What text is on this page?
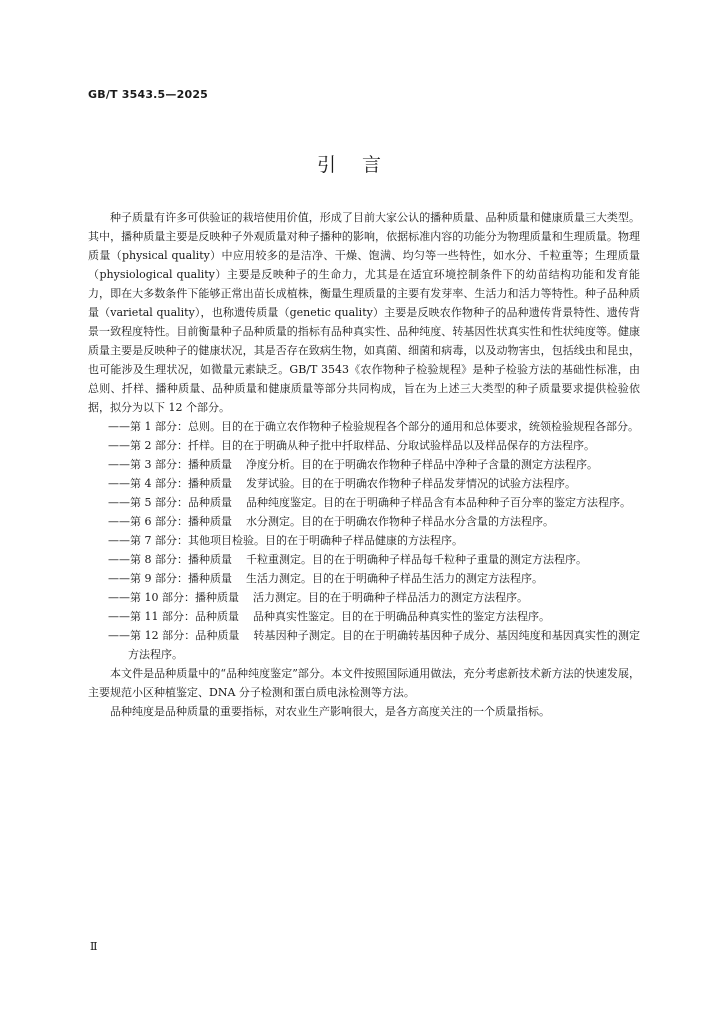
GB/T 3543.5—2025
引言

种子质量有许多可供验证的栽培使用价值，形成了目前大家公认的播种质量、品种质量和健康质量三大类型。其中，播种质量主要是反映种子外观质量对种子播种的影响，依据标准内容的功能分为物理质量和生理质量。物理质量（physical quality）中应用较多的是洁净、干燥、饱满、均匀等一些特性，如水分、千粒重等；生理质量（physiological quality）主要是反映种子的生命力，尤其是在适宜环境控制条件下的幼苗结构功能和发育能力，即在大多数条件下能够正常出苗长成植株，衡量生理质量的主要有发芽率、生活力和活力等特性。种子品种质量（varietal quality），也称遗传质量（genetic quality）主要是反映农作物种子的品种遗传背景特性、遗传背景一致程度特性。目前衡量种子品种质量的指标有品种真实性、品种纯度、转基因性状真实性和性状纯度等。健康质量主要是反映种子的健康状况，其是否存在致病生物，如真菌、细菌和病毒，以及动物害虫，包括线虫和昆虫，也可能涉及生理状况，如微量元素缺乏。GB/T 3543《农作物种子检验规程》是种子检验方法的基础性标准，由总则、扦样、播种质量、品种质量和健康质量等部分共同构成，旨在为上述三大类型的种子质量要求提供检验依据，拟分为以下 12 个部分。

——第 1 部分：总则。目的在于确立农作物种子检验规程各个部分的通用和总体要求，统领检验规程各部分。

——第 2 部分：扦样。目的在于明确从种子批中扦取样品、分取试验样品以及样品保存的方法程序。

——第 3 部分：播种质量 净度分析。目的在于明确农作物种子样品中净种子含量的测定方法程序。

——第 4 部分：播种质量 发芽试验。目的在于明确农作物种子样品发芽情况的试验方法程序。

——第 5 部分：品种质量 品种纯度鉴定。目的在于明确种子样品含有本品种种子百分率的鉴定方法程序。

——第 6 部分：播种质量 水分测定。目的在于明确农作物种子样品水分含量的方法程序。

——第 7 部分：其他项目检验。目的在于明确种子样品健康的方法程序。

——第 8 部分：播种质量 千粒重测定。目的在于明确种子样品每千粒种子重量的测定方法程序。

——第 9 部分：播种质量 生活力测定。目的在于明确种子样品生活力的测定方法程序。

——第 10 部分：播种质量 活力测定。目的在于明确种子样品活力的测定方法程序。

——第 11 部分：品种质量 品种真实性鉴定。目的在于明确品种真实性的鉴定方法程序。

——第 12 部分：品种质量 转基因种子测定。目的在于明确转基因种子成分、基因纯度和基因真实性的测定方法程序。

本文件是品种质量中的“品种纯度鉴定”部分。本文件按照国际通用做法，充分考虑新技术新方法的快速发展，主要规范小区种植鉴定、DNA 分子检测和蛋白质电泳检测等方法。

品种纯度是品种质量的重要指标，对农业生产影响很大，是各方高度关注的一个质量指标。

Ⅱ
